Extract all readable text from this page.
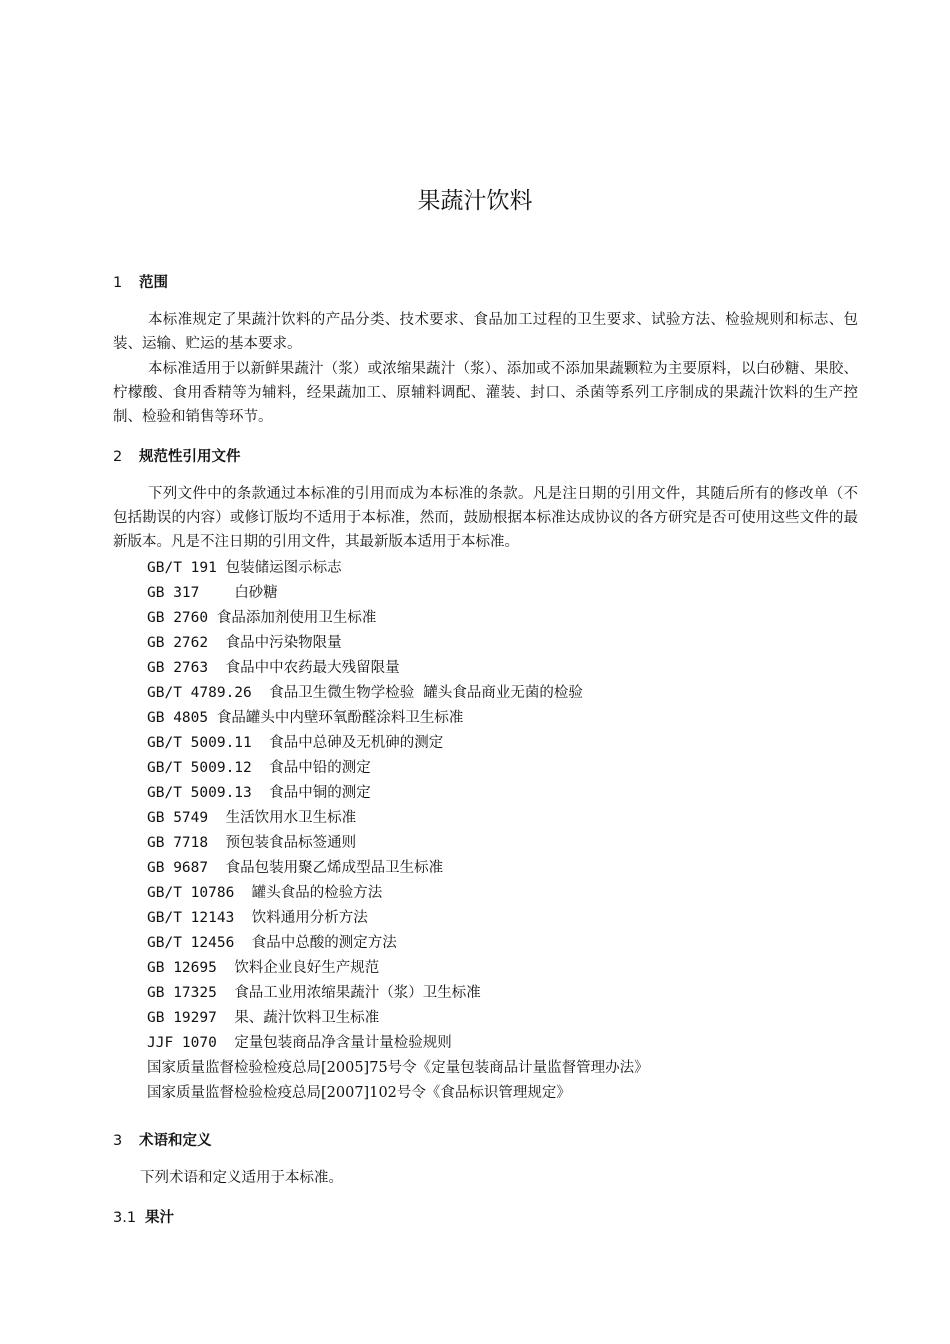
果蔬汁饮料
1 范围
本标准规定了果蔬汁饮料的产品分类、技术要求、食品加工过程的卫生要求、试验方法、检验规则和标志、包装、运输、贮运的基本要求。
本标准适用于以新鲜果蔬汁（浆）或浓缩果蔬汁（浆）、添加或不添加果蔬颗粒为主要原料，以白砂糖、果胶、柠檬酸、食用香精等为辅料，经果蔬加工、原辅料调配、灌装、封口、杀菌等系列工序制成的果蔬汁饮料的生产控制、检验和销售等环节。
2 规范性引用文件
下列文件中的条款通过本标准的引用而成为本标准的条款。凡是注日期的引用文件，其随后所有的修改单（不包括勘误的内容）或修订版均不适用于本标准，然而，鼓励根据本标准达成协议的各方研究是否可使用这些文件的最新版本。凡是不注日期的引用文件，其最新版本适用于本标准。
GB/T 191 包装储运图示标志
GB 317    白砂糖
GB 2760 食品添加剂使用卫生标准
GB 2762  食品中污染物限量
GB 2763  食品中中农药最大残留限量
GB/T 4789.26  食品卫生微生物学检验  罐头食品商业无菌的检验
GB 4805 食品罐头中内壁环氧酚醛涂料卫生标准
GB/T 5009.11  食品中总砷及无机砷的测定
GB/T 5009.12  食品中铅的测定
GB/T 5009.13  食品中铜的测定
GB 5749  生活饮用水卫生标准
GB 7718  预包装食品标签通则
GB 9687  食品包装用聚乙烯成型品卫生标准
GB/T 10786  罐头食品的检验方法
GB/T 12143  饮料通用分析方法
GB/T 12456  食品中总酸的测定方法
GB 12695  饮料企业良好生产规范
GB 17325  食品工业用浓缩果蔬汁（浆）卫生标准
GB 19297  果、蔬汁饮料卫生标准
JJF 1070  定量包装商品净含量计量检验规则
国家质量监督检验检疫总局[2005]75号令《定量包装商品计量监督管理办法》
国家质量监督检验检疫总局[2007]102号令《食品标识管理规定》
3 术语和定义
下列术语和定义适用于本标准。
3.1 果汁
